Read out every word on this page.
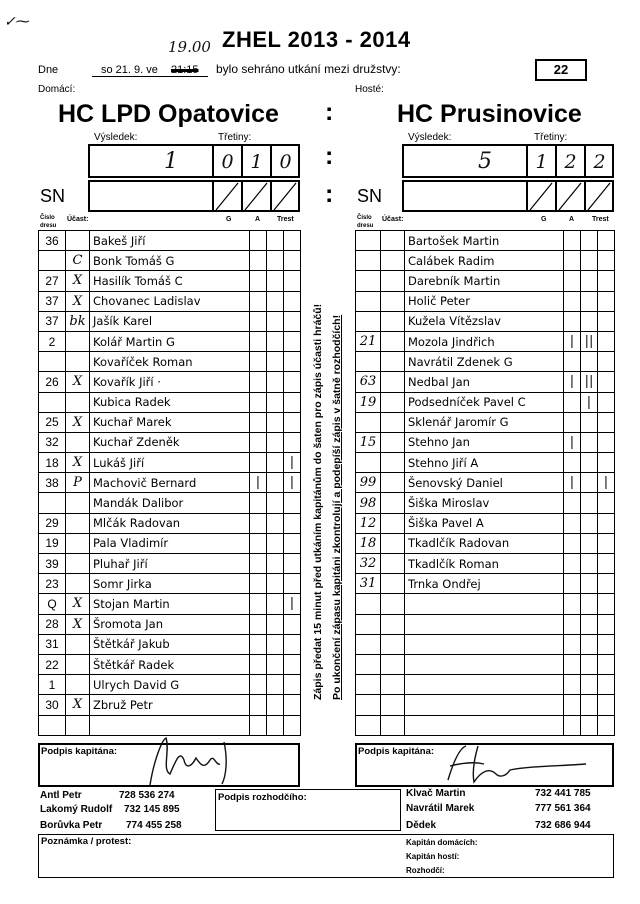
✓⁓
ZHEL 2013 - 2014
19.00
Dne	so 21. 9. ve 21:15 bylo sehráno utkání mezi družstvy:	22
Domácí:	Hosté:
HC LPD Opatovice :	HC Prusinovice
Výsledek:	Třetiny:	Výsledek:	Třetiny:
1	0 1 0 :	5	1 2 2
SN	: SN
Číslo dresu
Účast:	G	A Trest	Číslo dresu
Účast:	G	A	Trest
36		Bakeš Jiří			
	C	Bonk Tomáš G			
27	X	Hasilík Tomáš C			
37	X	Chovanec Ladislav			
37	bk	Jašík Karel			
2		Kolář Martin G			
		Kovaříček Roman			
26	X	Kovařík Jiří ·			
		Kubica Radek			
25	X	Kuchař Marek			
32		Kuchař Zdeněk			
18	X	Lukáš Jiří			|
38	P	Machovič Bernard	|		|
		Mandák Dalibor			
29		Mlčák Radovan			
19		Pala Vladimír			
39		Pluhař Jiří			
23		Somr Jirka			
Q	X	Stojan Martin			|
28	X	Šromota Jan			
31		Štětkář Jakub			
22		Štětkář Radek			
1		Ulrych David G			
30	X	Zbruž Petr			

		Bartošek Martin			
		Calábek Radim			
		Darebník Martin			
		Holič Peter			
		Kužela Vítězslav			
21		Mozola Jindřich	|	||	
		Navrátil Zdenek G			
63		Nedbal Jan	|	||	
19		Podsedníček Pavel C		|	
		Sklenář Jaromír G			
15		Stehno Jan	|		
		Stehno Jiří A			
99		Šenovský Daniel	|		|
98		Šiška Miroslav			
12		Šiška Pavel A			
18		Tkadlčík Radovan			
32		Tkadlčík Roman			
31		Trnka Ondřej			

Zápis předat 15 minut před utkáním kapitánům do šaten pro zápis účasti hráčů! Po ukončení zápasu kapitáni zkontrolují a podepíší zápis v šatně rozhodčích!
Podpis kapitána:	Podpis kapitána:
Antl Petr	728 536 274
Lakomý Rudolf 732 145 895
Borůvka Petr 774 455 258
Podpis rozhodčího:	Klvač Martin	732 441 785
Navrátil Marek	777 561 364
Dědek	732 686 944
Poznámka / protest:	Kapitán domácích:
Kapitán hostí:
Rozhodčí:
